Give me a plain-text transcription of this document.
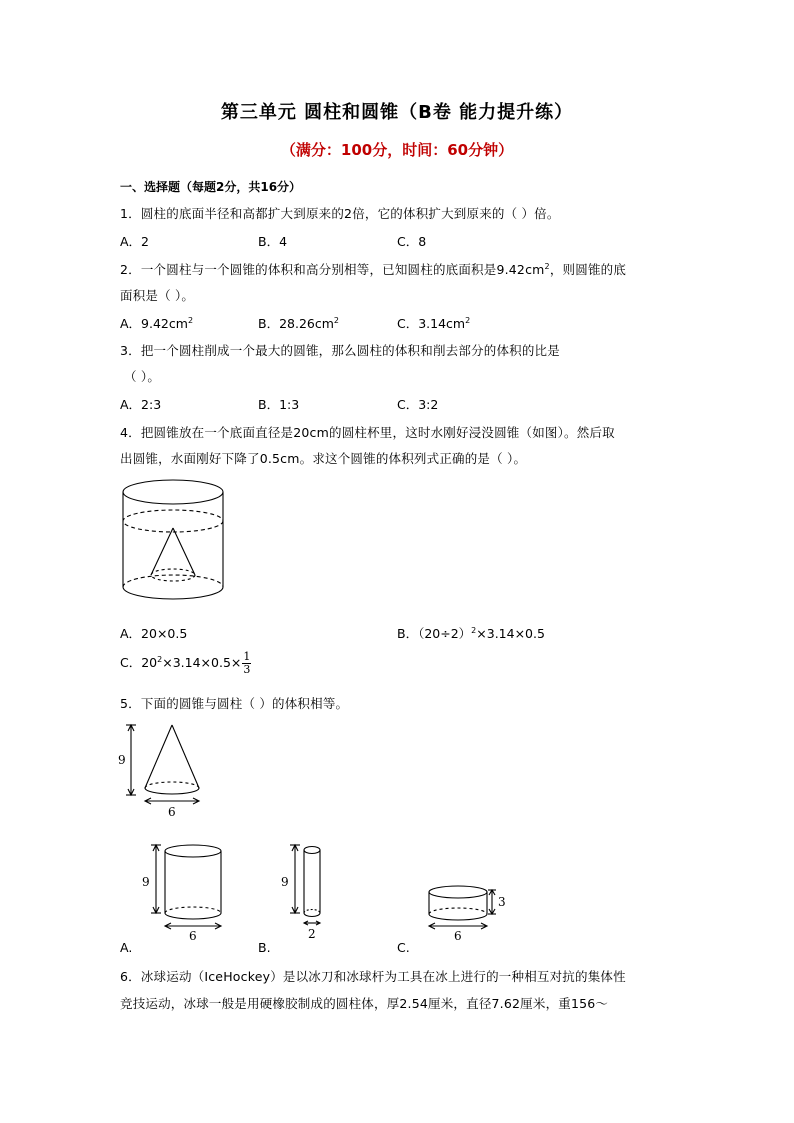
第三单元 圆柱和圆锥（B卷 能力提升练）
（满分：100分，时间：60分钟）
一、选择题（每题2分，共16分）
1．圆柱的底面半径和高都扩大到原来的2倍，它的体积扩大到原来的（ ）倍。
A．2	B．4	C．8
2．一个圆柱与一个圆锥的体积和高分别相等，已知圆柱的底面积是$9.42cm^2$，则圆锥的底
面积是（ ）。
A．$9.42cm^2$	B．$28.26cm^2$	C．$3.14cm^2$
3．把一个圆柱削成一个最大的圆锥，那么圆柱的体积和削去部分的体积的比是
（ ）。
A．2:3	B．1:3	C．3:2
4．把圆锥放在一个底面直径是20cm的圆柱杯里，这时水刚好浸没圆锥（如图）。然后取
出圆锥，水面刚好下降了0.5cm。求这个圆锥的体积列式正确的是（ ）。
A．20×0.5	B．$(20\div 2)^2\times 3.14\times 0.5$
C．$20^2\times 3.14\times 0.5\times \frac{1}{3}$
5．下面的圆锥与圆柱（ ）的体积相等。
9
6
9
6
9
2
3
6
A.	B.	C.
6．冰球运动（IceHockey）是以冰刀和冰球杆为工具在冰上进行的一种相互对抗的集体性
竞技运动，冰球一般是用硬橡胶制成的圆柱体，厚2.54厘米，直径7.62厘米，重156～
